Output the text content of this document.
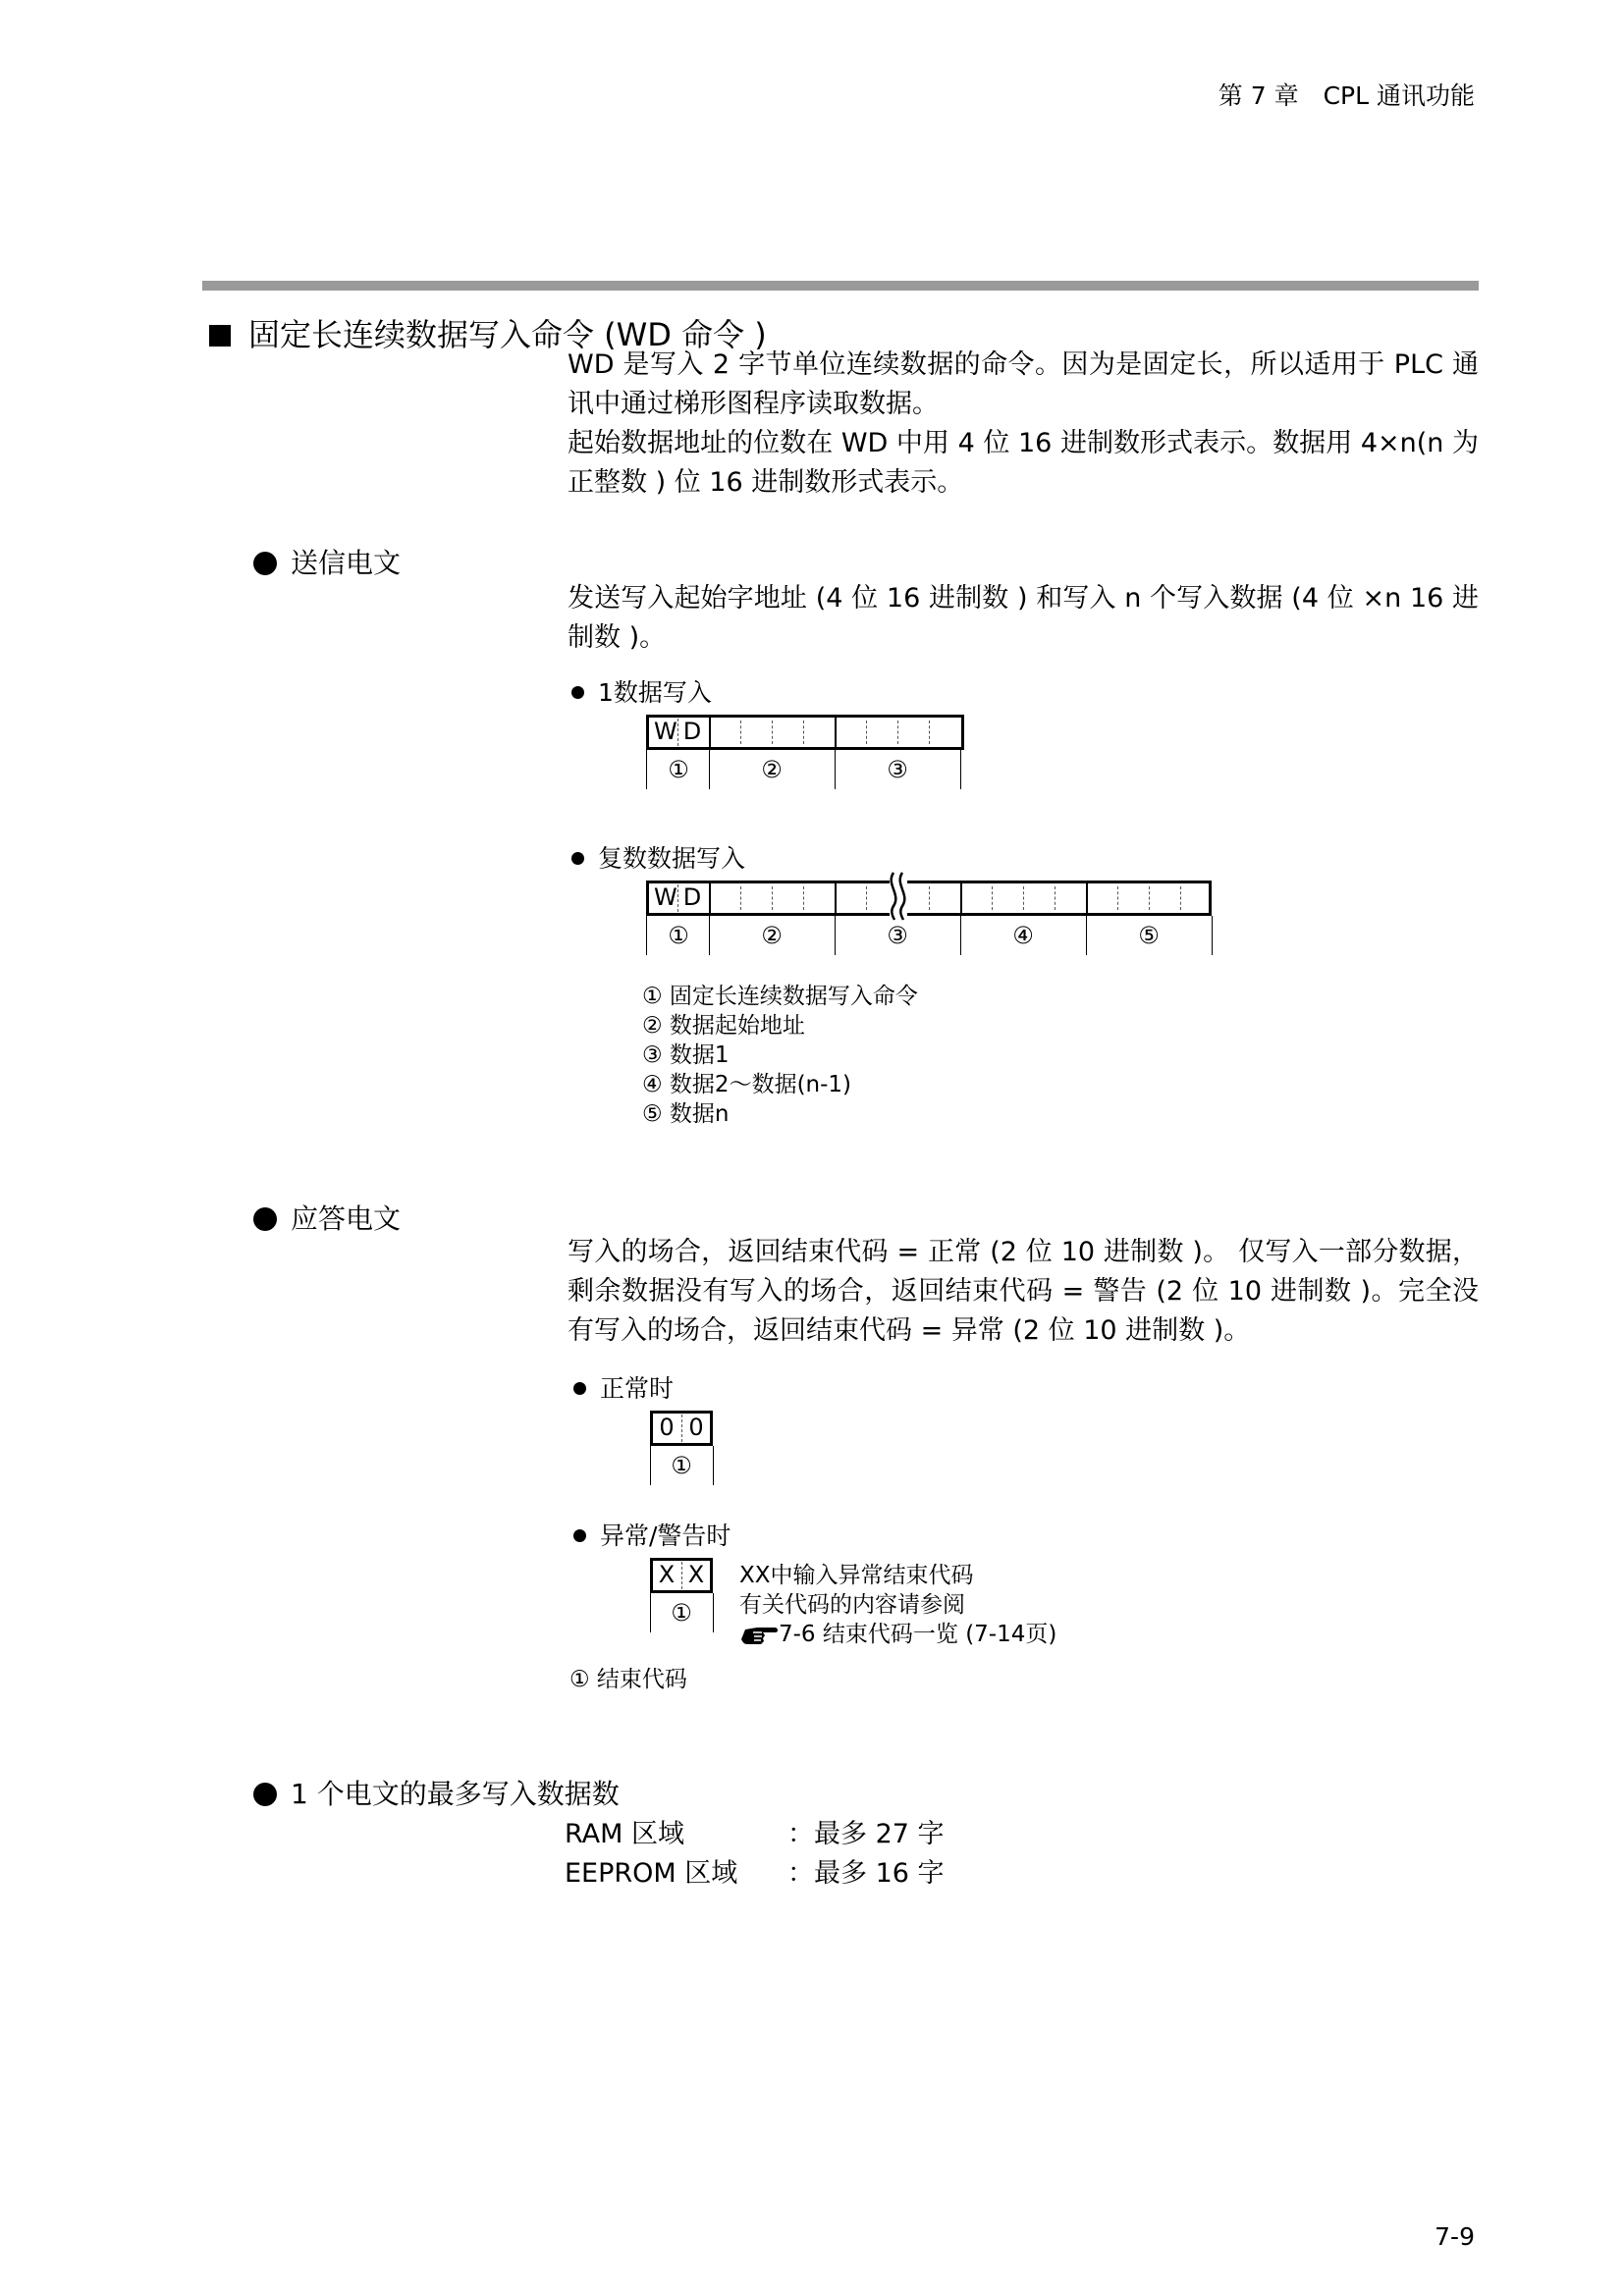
第 7 章　CPL 通讯功能
固定长连续数据写入命令 (WD 命令 )
WD 是写入 2 字节单位连续数据的命令。因为是固定长，所以适用于 PLC 通讯中通过梯形图程序读取数据。
起始数据地址的位数在 WD 中用 4 位 16 进制数形式表示。数据用 4×n(n 为正整数 ) 位 16 进制数形式表示。
送信电文
发送写入起始字地址 (4 位 16 进制数 ) 和写入 n 个写入数据 (4 位 ×n 16 进制数 )。
1数据写入
W D
①	②	③
复数数据写入
W D
①	②	③	④	⑤
① 固定长连续数据写入命令
② 数据起始地址
③ 数据1
④ 数据2～数据(n-1)
⑤ 数据n
应答电文
写入的场合，返回结束代码 = 正常 (2 位 10 进制数 )。 仅写入一部分数据，剩余数据没有写入的场合，返回结束代码 = 警告 (2 位 10 进制数 )。完全没有写入的场合，返回结束代码 = 异常 (2 位 10 进制数 )。
正常时
0 0
①
异常/警告时
X X
①
XX中输入异常结束代码
有关代码的内容请参阅
7-6 结束代码一览 (7-14页)
① 结束代码
1 个电文的最多写入数据数
RAM 区域	：最多 27 字
EEPROM 区域 ：最多 16 字
7-9
